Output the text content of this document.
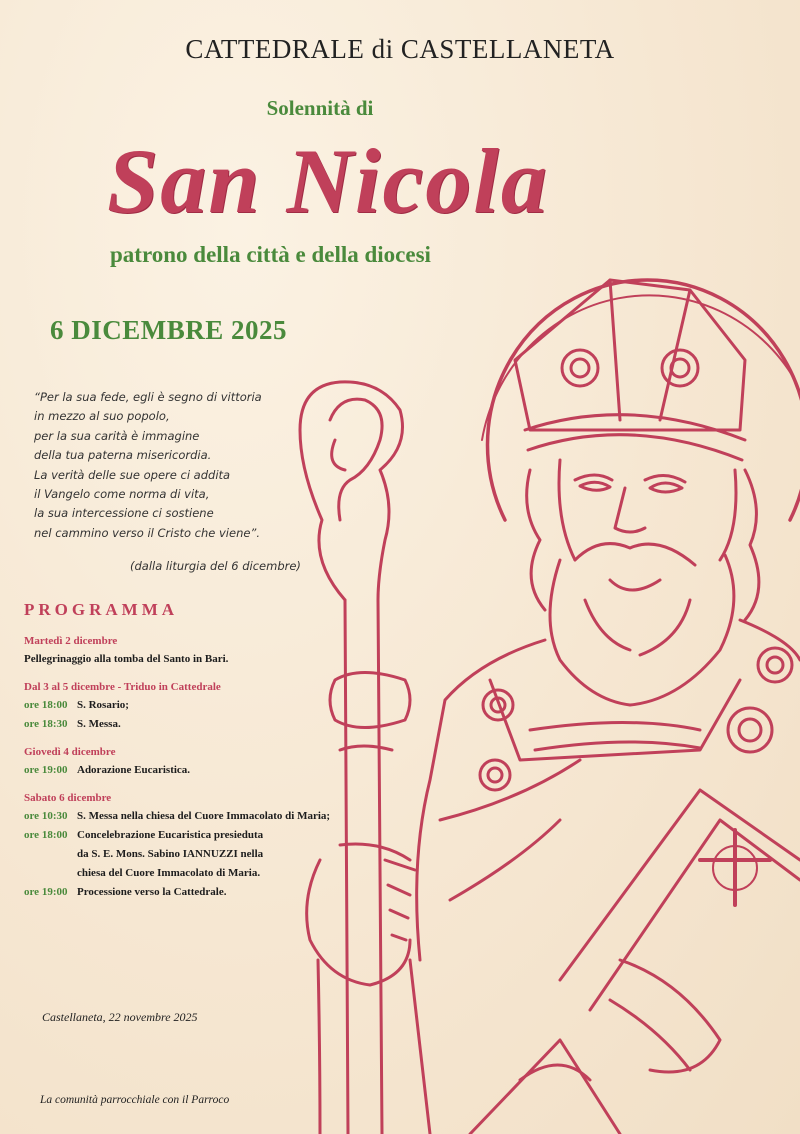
CATTEDRALE di CASTELLANETA
Solennità di
San Nicola
patrono della città e della diocesi
6 DICEMBRE 2025
“Per la sua fede, egli è segno di vittoria
in mezzo al suo popolo,
per la sua carità è immagine
della tua paterna misericordia.
La verità delle sue opere ci addita
il Vangelo come norma di vita,
la sua intercessione ci sostiene
nel cammino verso il Cristo che viene”.
(dalla liturgia del 6 dicembre)
PROGRAMMA
Martedì 2 dicembre
Pellegrinaggio alla tomba del Santo in Bari.
Dal 3 al 5 dicembre - Triduo in Cattedrale
ore 18:00 S. Rosario;
ore 18:30 S. Messa.
Giovedì 4 dicembre
ore 19:00 Adorazione Eucaristica.
Sabato 6 dicembre
ore 10:30 S. Messa nella chiesa del Cuore Immacolato di Maria;
ore 18:00 Concelebrazione Eucaristica presieduta
da S. E. Mons. Sabino IANNUZZI nella
chiesa del Cuore Immacolato di Maria.
ore 19:00 Processione verso la Cattedrale.
Castellaneta, 22 novembre 2025
La comunità parrocchiale con il Parroco
